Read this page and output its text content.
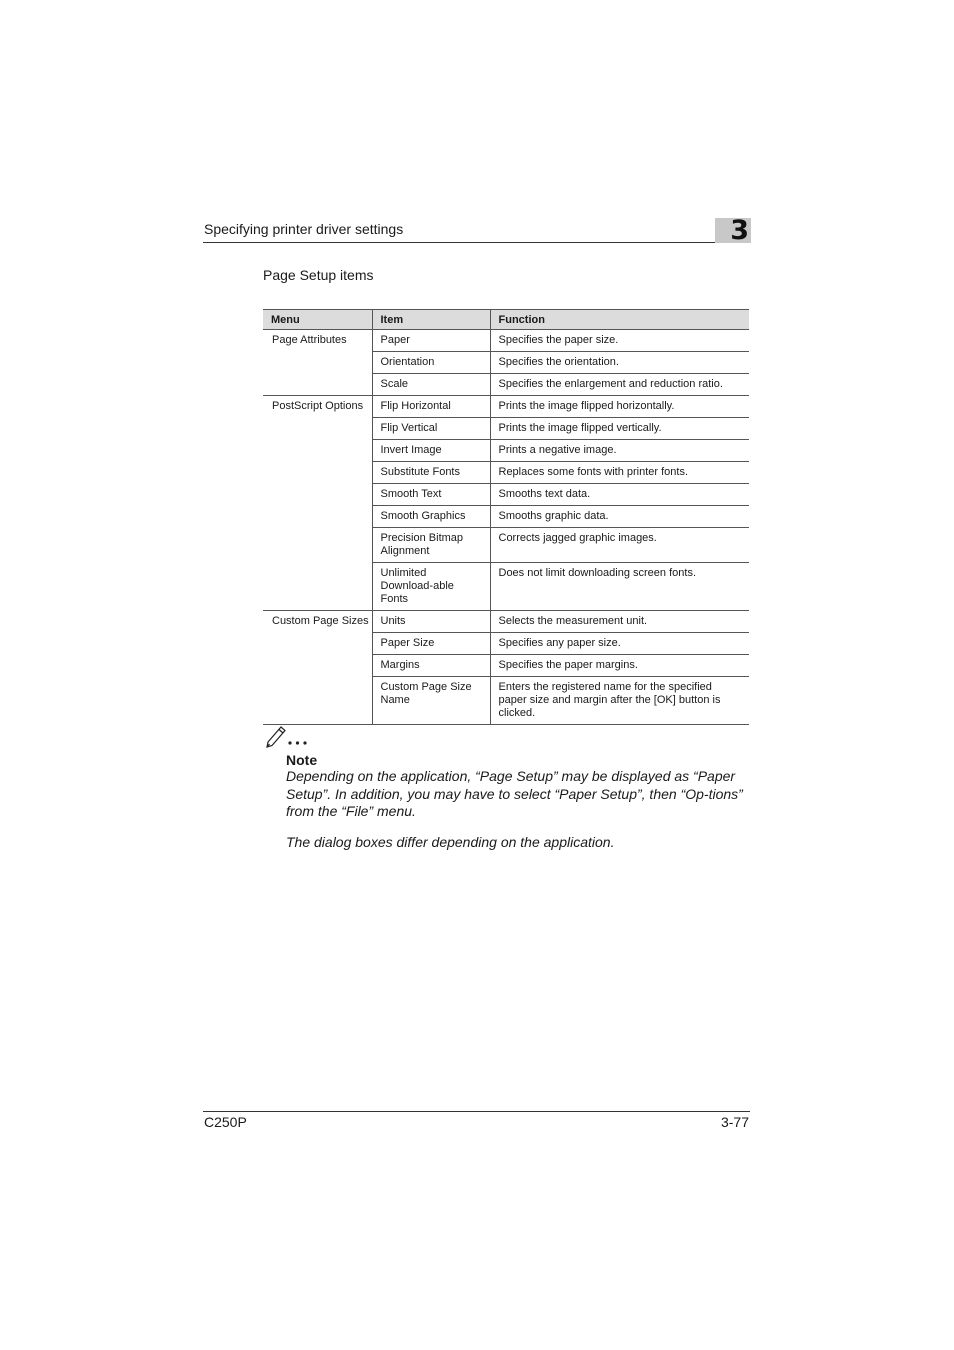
Specifying printer driver settings	3
Page Setup items
Menu	Item	Function
Page Attributes	Paper	Specifies the paper size.
	Orientation	Specifies the orientation.
	Scale	Specifies the enlargement and reduction ratio.
PostScript Options	Flip Horizontal	Prints the image flipped horizontally.
	Flip Vertical	Prints the image flipped vertically.
	Invert Image	Prints a negative image.
	Substitute Fonts	Replaces some fonts with printer fonts.
	Smooth Text	Smooths text data.
	Smooth Graphics	Smooths graphic data.
	Precision Bitmap Alignment	Corrects jagged graphic images.
	Unlimited Download-able Fonts	Does not limit downloading screen fonts.
Custom Page Sizes	Units	Selects the measurement unit.
	Paper Size	Specifies any paper size.
	Margins	Specifies the paper margins.
	Custom Page Size Name	Enters the registered name for the specified paper size and margin after the [OK] button is clicked.
Note
Depending on the application, “Page Setup” may be displayed as “Paper Setup”. In addition, you may have to select “Paper Setup”, then “Op-tions” from the “File” menu.
The dialog boxes differ depending on the application.
C250P	3-77
